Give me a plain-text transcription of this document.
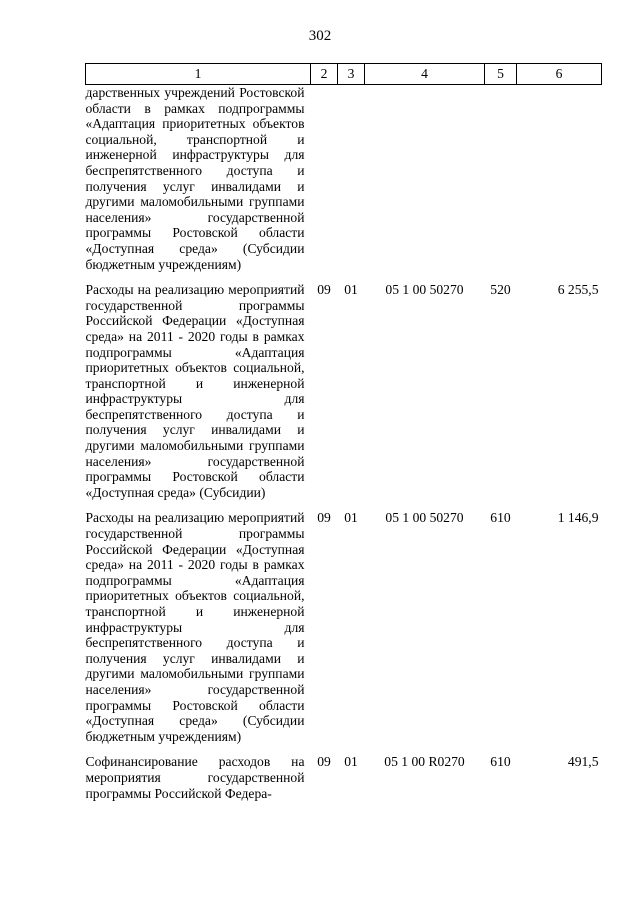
302
1	2	3	4	5	6
дарственных учреждений Ростовской области в рамках подпрограммы «Адаптация приоритетных объектов социальной, транспортной и инженерной инфраструктуры для беспрепятственного доступа и получения услуг инвалидами и другими маломобильными группами населения» государственной программы Ростовской области «Доступная среда» (Субсидии бюджетным учреждениям)					
Расходы на реализацию мероприятий государственной программы Российской Федерации «Доступная среда» на 2011 - 2020 годы в рамках подпрограммы «Адаптация приоритетных объектов социальной, транспортной и инженерной инфраструктуры для беспрепятственного доступа и получения услуг инвалидами и другими маломобильными группами населения» государственной программы Ростовской области «Доступная среда» (Субсидии)	09	01	05 1 00 50270	520	6 255,5
Расходы на реализацию мероприятий государственной программы Российской Федерации «Доступная среда» на 2011 - 2020 годы в рамках подпрограммы «Адаптация приоритетных объектов социальной, транспортной и инженерной инфраструктуры для беспрепятственного доступа и получения услуг инвалидами и другими маломобильными группами населения» государственной программы Ростовской области «Доступная среда» (Субсидии бюджетным учреждениям)	09	01	05 1 00 50270	610	1 146,9
Софинансирование расходов на мероприятия государственной программы Российской Федера-	09	01	05 1 00 R0270	610	491,5
